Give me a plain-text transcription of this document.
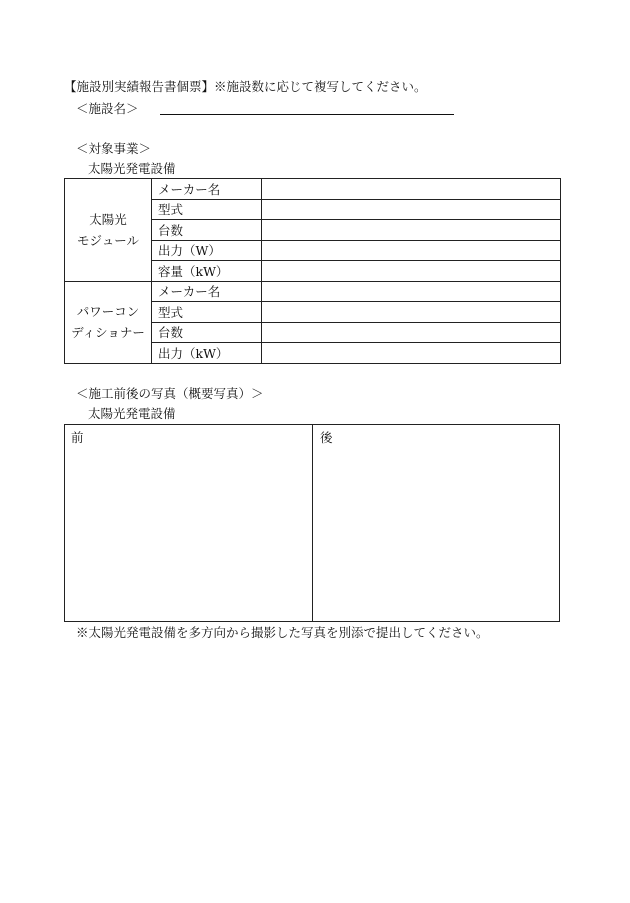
【施設別実績報告書個票】※施設数に応じて複写してください。
＜施設名＞
＜対象事業＞
太陽光発電設備
太陽光
モジュール	メーカー名	
	型式	
	台数	
	出力（W）	
	容量（kW）	
パワーコン
ディショナー	メーカー名	
	型式	
	台数	
	出力（kW）	
＜施工前後の写真（概要写真）＞
太陽光発電設備
前	後
※太陽光発電設備を多方向から撮影した写真を別添で提出してください。
